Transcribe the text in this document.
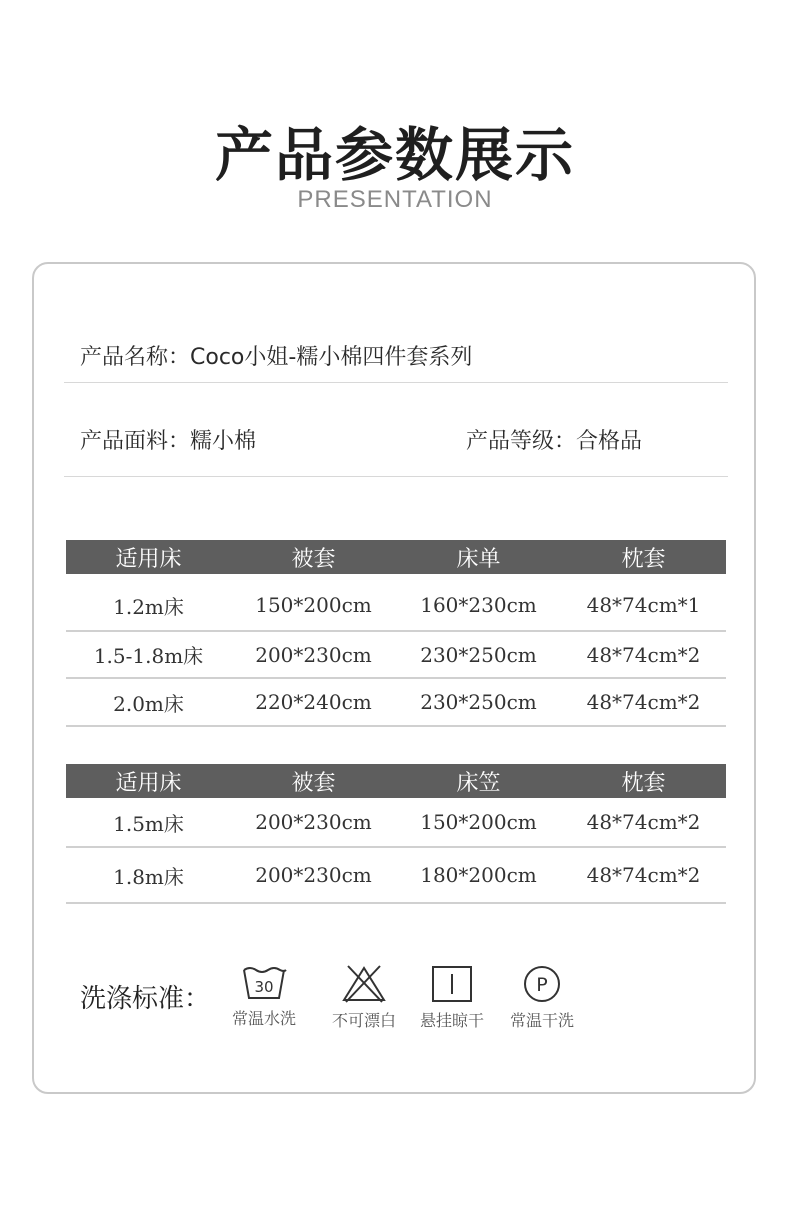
产品参数展示
PRESENTATION
产品名称：Coco小姐-糯小棉四件套系列
产品面料：糯小棉	产品等级：合格品
适用床	被套	床单	枕套
1.2m床	150*200cm	160*230cm	48*74cm*1
1.5-1.8m床	200*230cm	230*250cm	48*74cm*2
2.0m床	220*240cm	230*250cm	48*74cm*2
适用床	被套	床笠	枕套
1.5m床	200*230cm	150*200cm	48*74cm*2
1.8m床	200*230cm	180*200cm	48*74cm*2
洗涤标准：	30
常温水洗	不可漂白	悬挂晾干
P
常温干洗
